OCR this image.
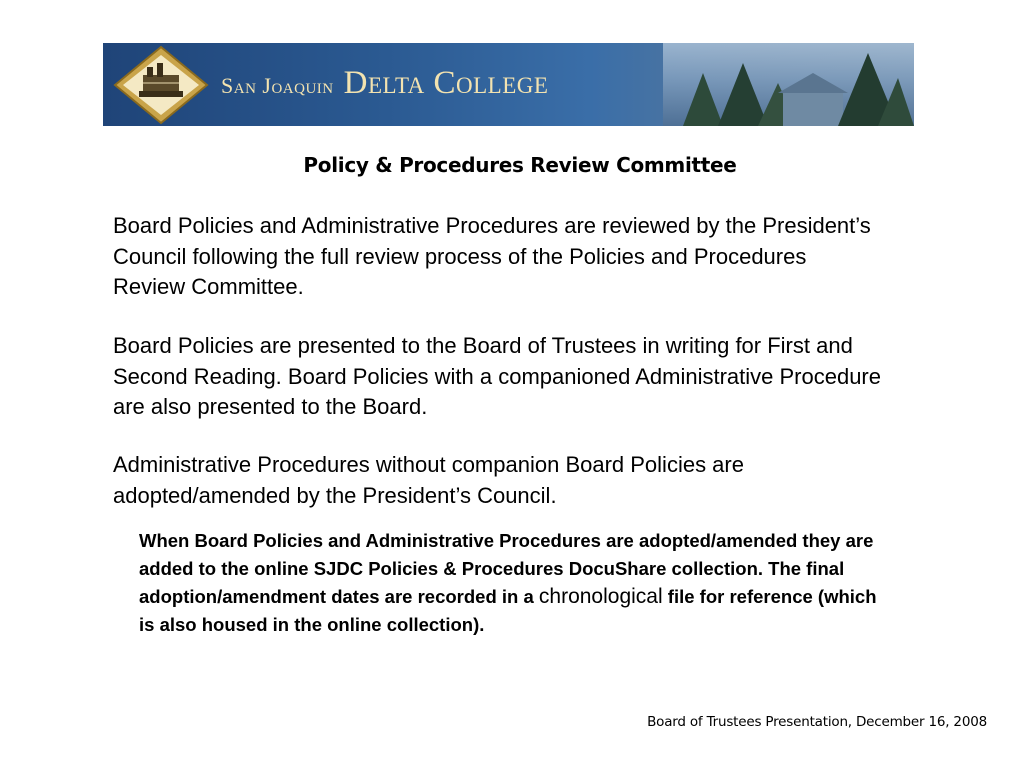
San Joaquin Delta College
Policy & Procedures Review Committee

Board Policies and Administrative Procedures are reviewed by the President’s Council following the full review process of the Policies and Procedures Review Committee.

Board Policies are presented to the Board of Trustees in writing for First and Second Reading. Board Policies with a companioned Administrative Procedure are also presented to the Board.

Administrative Procedures without companion Board Policies are adopted/amended by the President’s Council.

When Board Policies and Administrative Procedures are adopted/amended they are added to the online SJDC Policies & Procedures DocuShare collection. The final adoption/amendment dates are recorded in a chronological file for reference (which is also housed in the online collection).

Board of Trustees Presentation, December 16, 2008
